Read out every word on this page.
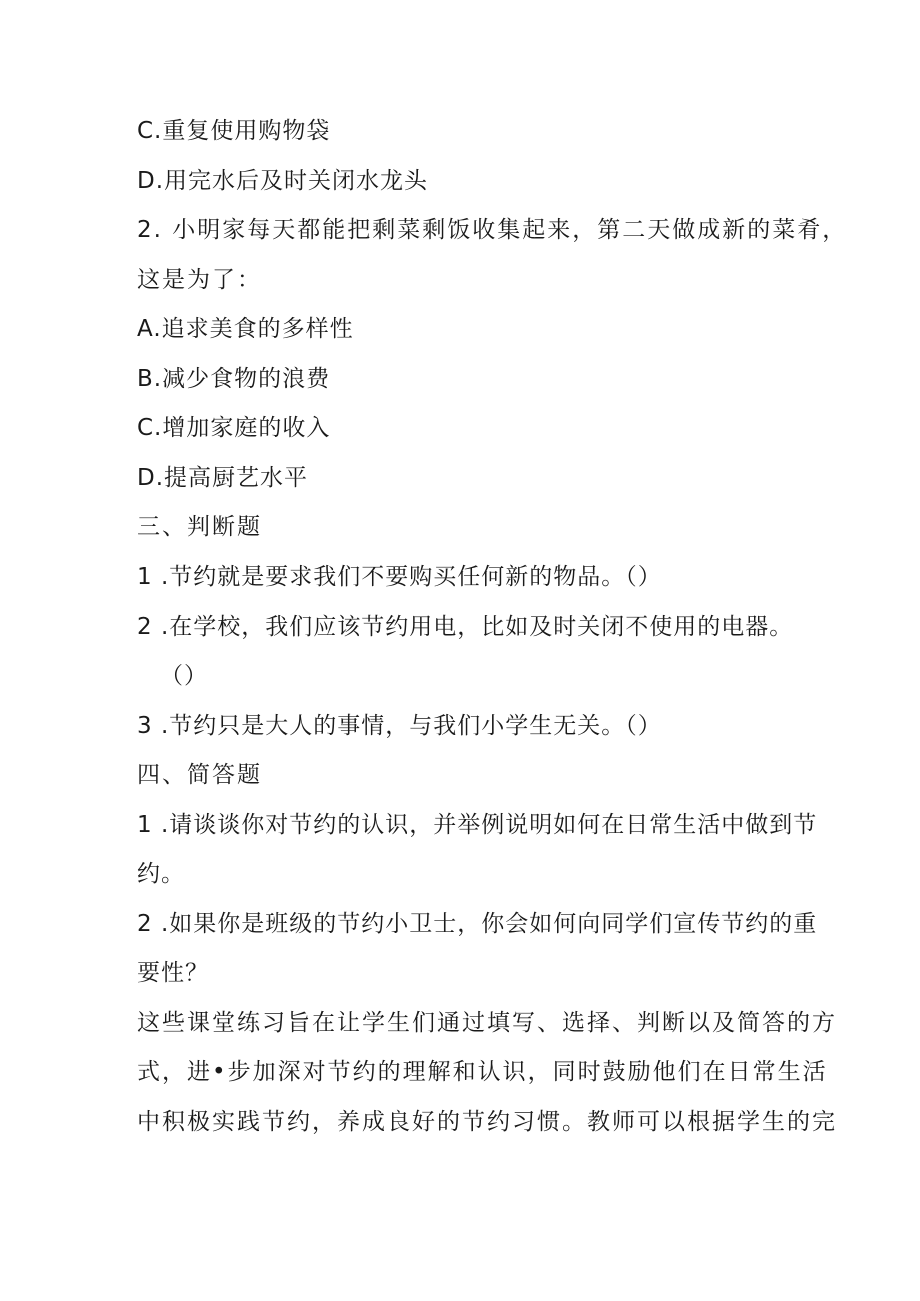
C.重复使用购物袋
D.用完水后及时关闭水龙头
2. 小明家每天都能把剩菜剩饭收集起来，第二天做成新的菜肴，
这是为了：
A.追求美食的多样性
B.减少食物的浪费
C.增加家庭的收入
D.提高厨艺水平
三、判断题
1 .节约就是要求我们不要购买任何新的物品。（）
2 .在学校，我们应该节约用电，比如及时关闭不使用的电器。
（）
3 .节约只是大人的事情，与我们小学生无关。（）
四、简答题
1 .请谈谈你对节约的认识，并举例说明如何在日常生活中做到节
约。
2 .如果你是班级的节约小卫士，你会如何向同学们宣传节约的重
要性？
这些课堂练习旨在让学生们通过填写、选择、判断以及简答的方
式，进•步加深对节约的理解和认识，同时鼓励他们在日常生活
中积极实践节约，养成良好的节约习惯。教师可以根据学生的完
